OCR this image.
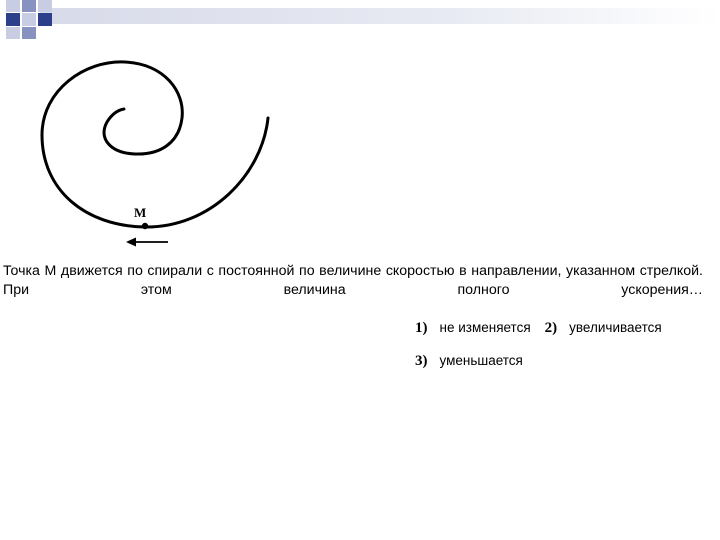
M

Точка М движется по спирали с постоянной по величине скоростью в направлении, указанном стрелкой. При этом величина полного ускорения…

1) не изменяется 2) увеличивается
3) уменьшается
